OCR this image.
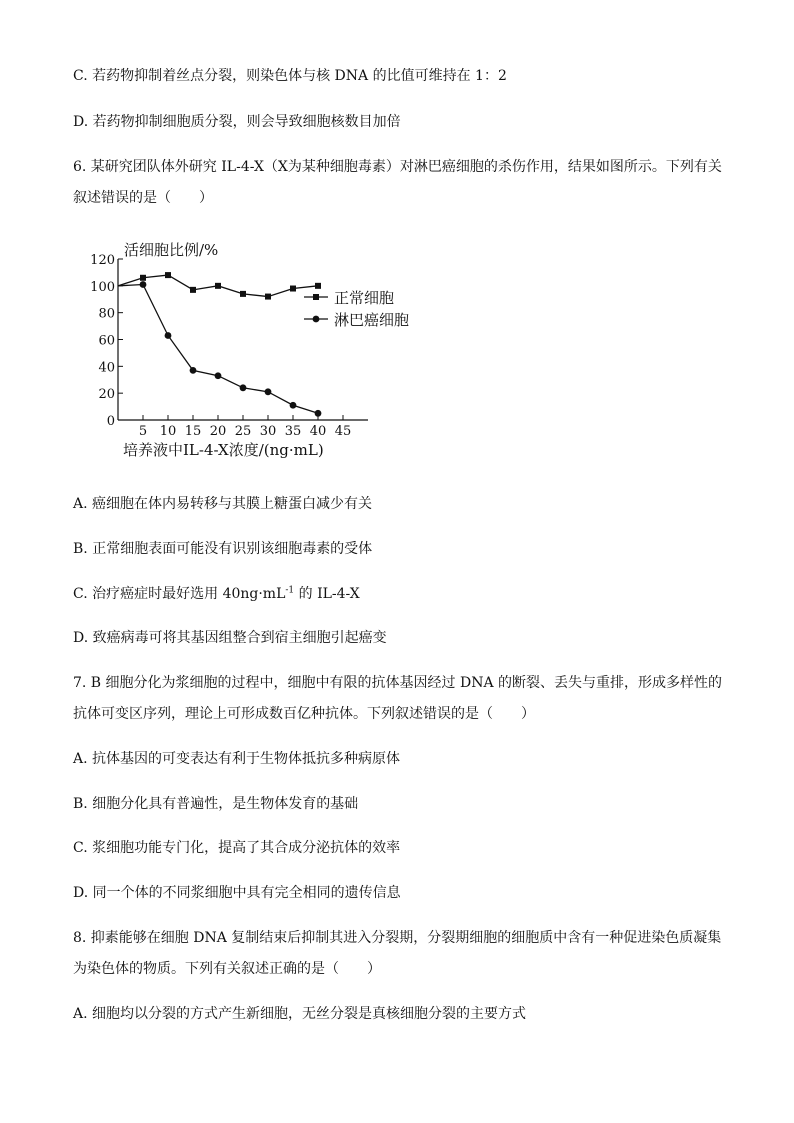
C. 若药物抑制着丝点分裂，则染色体与核 DNA 的比值可维持在 1：2
D. 若药物抑制细胞质分裂，则会导致细胞核数目加倍
6. 某研究团队体外研究 IL-4-X（X为某种细胞毒素）对淋巴癌细胞的杀伤作用，结果如图所示。下列有关
叙述错误的是（　　）
活细胞比例/%
培养液中IL-4-X浓度/(ng·mL)
0
20
40
60
80
100
120
5 10 15 20 25 30 35 40 45
正常细胞
淋巴癌细胞
A. 癌细胞在体内易转移与其膜上糖蛋白减少有关
B. 正常细胞表面可能没有识别该细胞毒素的受体
C. 治疗癌症时最好选用 $40ng\cdot mL^{-1}$ 的 IL-4-X
D. 致癌病毒可将其基因组整合到宿主细胞引起癌变
7. B 细胞分化为浆细胞的过程中，细胞中有限的抗体基因经过 DNA 的断裂、丢失与重排，形成多样性的
抗体可变区序列，理论上可形成数百亿种抗体。下列叙述错误的是（　　）
A. 抗体基因的可变表达有利于生物体抵抗多种病原体
B. 细胞分化具有普遍性，是生物体发育的基础
C. 浆细胞功能专门化，提高了其合成分泌抗体的效率
D. 同一个体的不同浆细胞中具有完全相同的遗传信息
8. 抑素能够在细胞 DNA 复制结束后抑制其进入分裂期，分裂期细胞的细胞质中含有一种促进染色质凝集
为染色体的物质。下列有关叙述正确的是（　　）
A. 细胞均以分裂的方式产生新细胞，无丝分裂是真核细胞分裂的主要方式
